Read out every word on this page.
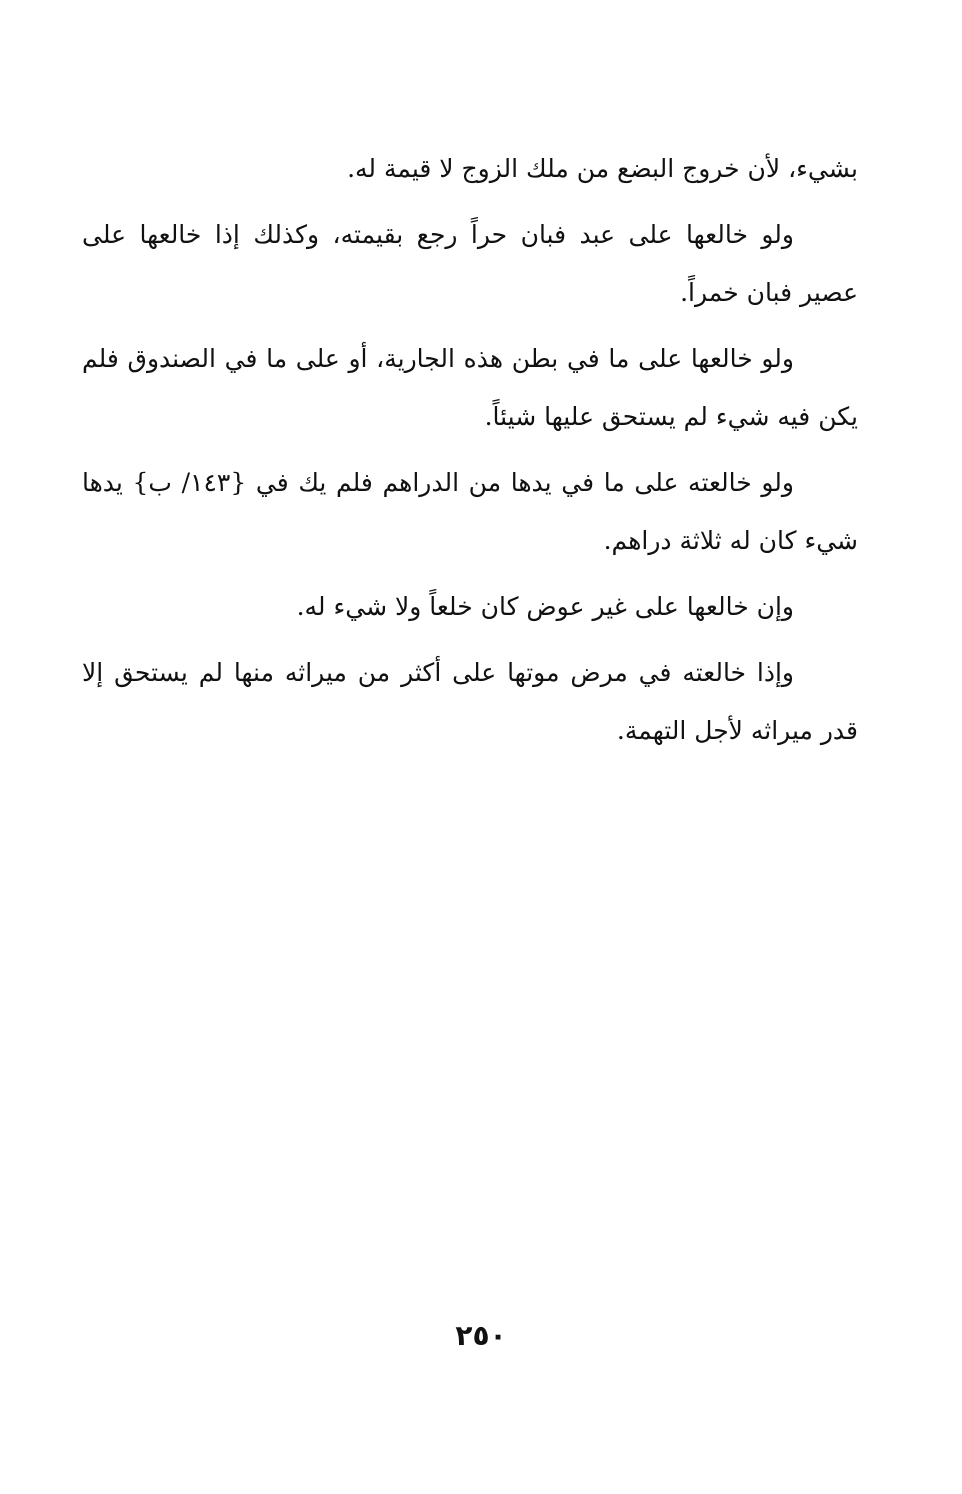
بشيء، لأن خروج البضع من ملك الزوج لا قيمة له.

ولو خالعها على عبد فبان حراً رجع بقيمته، وكذلك إذا خالعها على عصير فبان خمراً.

ولو خالعها على ما في بطن هذه الجارية، أو على ما في الصندوق فلم يكن فيه شيء لم يستحق عليها شيئاً.

ولو خالعته على ما في يدها من الدراهم فلم يك في {١٤٣/ ب} يدها شيء كان له ثلاثة دراهم.

وإن خالعها على غير عوض كان خلعاً ولا شيء له.

وإذا خالعته في مرض موتها على أكثر من ميراثه منها لم يستحق إلا قدر ميراثه لأجل التهمة.

٢٥٠
